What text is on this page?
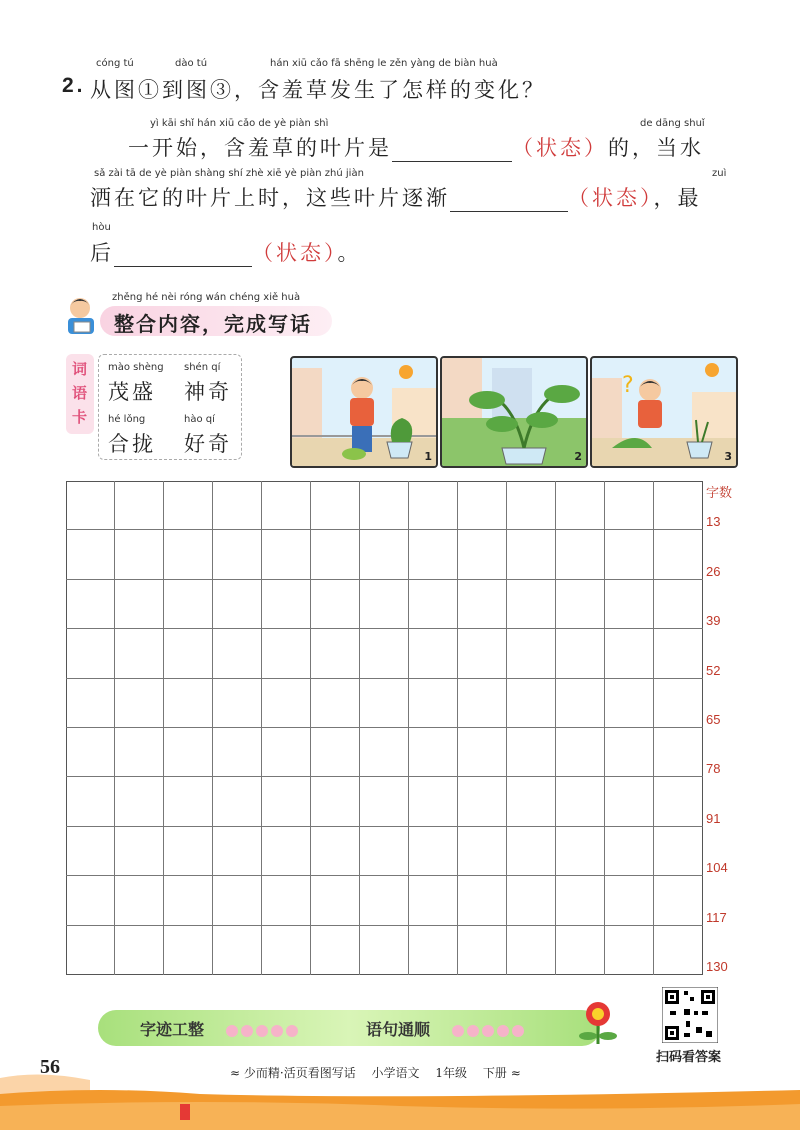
cóng tú	dào tú	hán xiū cǎo fā shēng le zěn yàng de biàn huà
2. 从图①到图③，含羞草发生了怎样的变化？
yì kāi shǐ hán xiū cǎo de yè piàn shì	de dāng shuǐ
一开始，含羞草的叶片是	（状态）的，当水
sǎ zài tā de yè piàn shàng shí zhè xiē yè piàn zhú jiàn	zuì
洒在它的叶片上时，这些叶片逐渐	（状态），最
hòu
后	（状态）。
zhěng hé nèi róng wán chéng xiě huà
整合内容，完成写话
词
语
卡
mào shèng
茂盛
shén qí
神奇
hé lǒng
合拢
hào qí
好奇
1	2
?
3
字数
13
26
39
52
65
78
91
104
117
130
字迹工整	语句通顺
扫码看答案
56	≈ 少而精·活页看图写话 小学语文 1年级 下册 ≈
